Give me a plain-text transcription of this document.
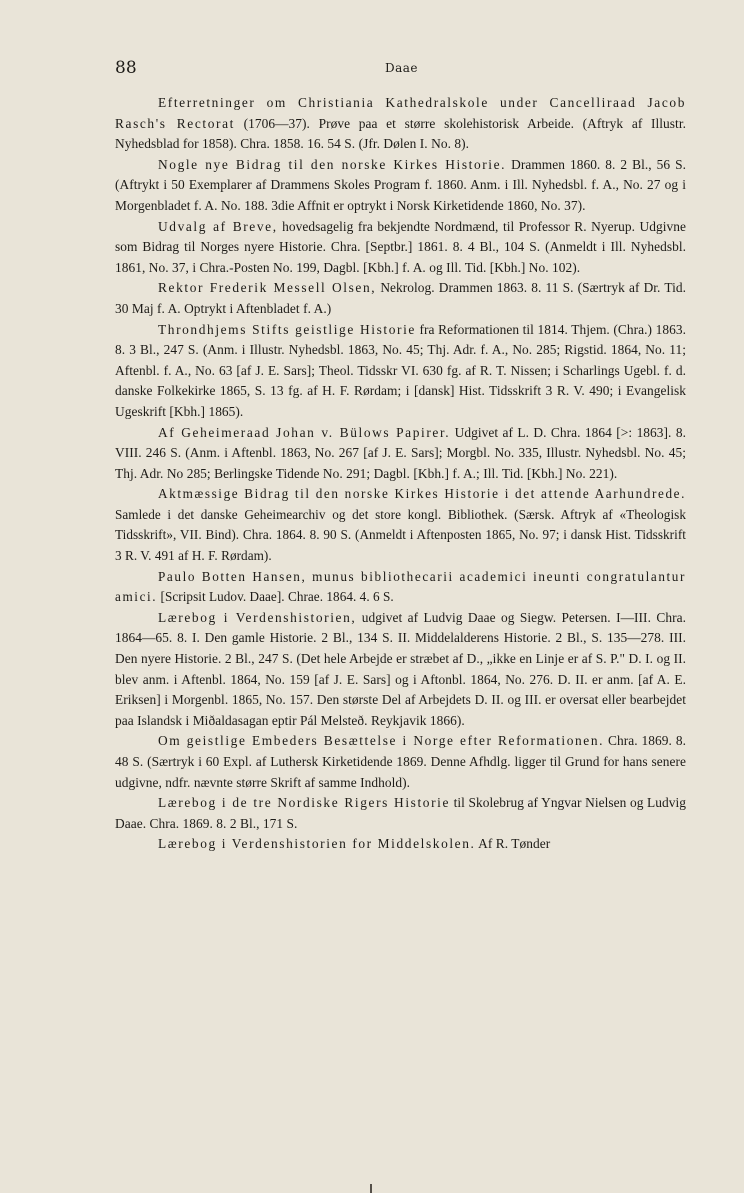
88	Daae

Efterretninger om Christiania Kathedralskole under Cancelliraad Jacob Rasch's Rectorat (1706—37). Prøve paa et større skolehistorisk Arbeide. (Aftryk af Illustr. Nyhedsblad for 1858). Chra. 1858. 16. 54 S. (Jfr. Dølen I. No. 8).

Nogle nye Bidrag til den norske Kirkes Historie. Drammen 1860. 8. 2 Bl., 56 S. (Aftrykt i 50 Exemplarer af Drammens Skoles Program f. 1860. Anm. i Ill. Nyhedsbl. f. A., No. 27 og i Morgenbladet f. A. No. 188. 3die Affnit er optrykt i Norsk Kirketidende 1860, No. 37).

Udvalg af Breve, hovedsagelig fra bekjendte Nordmænd, til Professor R. Nyerup. Udgivne som Bidrag til Norges nyere Historie. Chra. [Septbr.] 1861. 8. 4 Bl., 104 S. (Anmeldt i Ill. Nyhedsbl. 1861, No. 37, i Chra.-Posten No. 199, Dagbl. [Kbh.] f. A. og Ill. Tid. [Kbh.] No. 102).

Rektor Frederik Messell Olsen, Nekrolog. Drammen 1863. 8. 11 S. (Særtryk af Dr. Tid. 30 Maj f. A. Optrykt i Aftenbladet f. A.)

Throndhjems Stifts geistlige Historie fra Reformationen til 1814. Thjem. (Chra.) 1863. 8. 3 Bl., 247 S. (Anm. i Illustr. Nyhedsbl. 1863, No. 45; Thj. Adr. f. A., No. 285; Rigstid. 1864, No. 11; Aftenbl. f. A., No. 63 [af J. E. Sars]; Theol. Tidsskr VI. 630 fg. af R. T. Nissen; i Scharlings Ugebl. f. d. danske Folkekirke 1865, S. 13 fg. af H. F. Rørdam; i [dansk] Hist. Tidsskrift 3 R. V. 490; i Evangelisk Ugeskrift [Kbh.] 1865).

Af Geheimeraad Johan v. Bülows Papirer. Udgivet af L. D. Chra. 1864 [>: 1863]. 8. VIII. 246 S. (Anm. i Aftenbl. 1863, No. 267 [af J. E. Sars]; Morgbl. No. 335, Illustr. Nyhedsbl. No. 45; Thj. Adr. No 285; Berlingske Tidende No. 291; Dagbl. [Kbh.] f. A.; Ill. Tid. [Kbh.] No. 221).

Aktmæssige Bidrag til den norske Kirkes Historie i det attende Aarhundrede. Samlede i det danske Geheimearchiv og det store kongl. Bibliothek. (Særsk. Aftryk af «Theologisk Tidsskrift», VII. Bind). Chra. 1864. 8. 90 S. (Anmeldt i Aftenposten 1865, No. 97; i dansk Hist. Tidsskrift 3 R. V. 491 af H. F. Rørdam).

Paulo Botten Hansen, munus bibliothecarii academici ineunti congratulantur amici. [Scripsit Ludov. Daae]. Chrae. 1864. 4. 6 S.

Lærebog i Verdenshistorien, udgivet af Ludvig Daae og Siegw. Petersen. I—III. Chra. 1864—65. 8. I. Den gamle Historie. 2 Bl., 134 S. II. Middelalderens Historie. 2 Bl., S. 135—278. III. Den nyere Historie. 2 Bl., 247 S. (Det hele Arbejde er stræbet af D., „ikke en Linje er af S. P." D. I. og II. blev anm. i Aftenbl. 1864, No. 159 [af J. E. Sars] og i Aftonbl. 1864, No. 276. D. II. er anm. [af A. E. Eriksen] i Morgenbl. 1865, No. 157. Den største Del af Arbejdets D. II. og III. er oversat eller bearbejdet paa Islandsk i Miðaldasagan eptir Pál Melsteð. Reykjavik 1866).

Om geistlige Embeders Besættelse i Norge efter Reformationen. Chra. 1869. 8. 48 S. (Særtryk i 60 Expl. af Luthersk Kirketidende 1869. Denne Afhdlg. ligger til Grund for hans senere udgivne, ndfr. nævnte større Skrift af samme Indhold).

Lærebog i de tre Nordiske Rigers Historie til Skolebrug af Yngvar Nielsen og Ludvig Daae. Chra. 1869. 8. 2 Bl., 171 S.

Lærebog i Verdenshistorien for Middelskolen. Af R. Tønder
